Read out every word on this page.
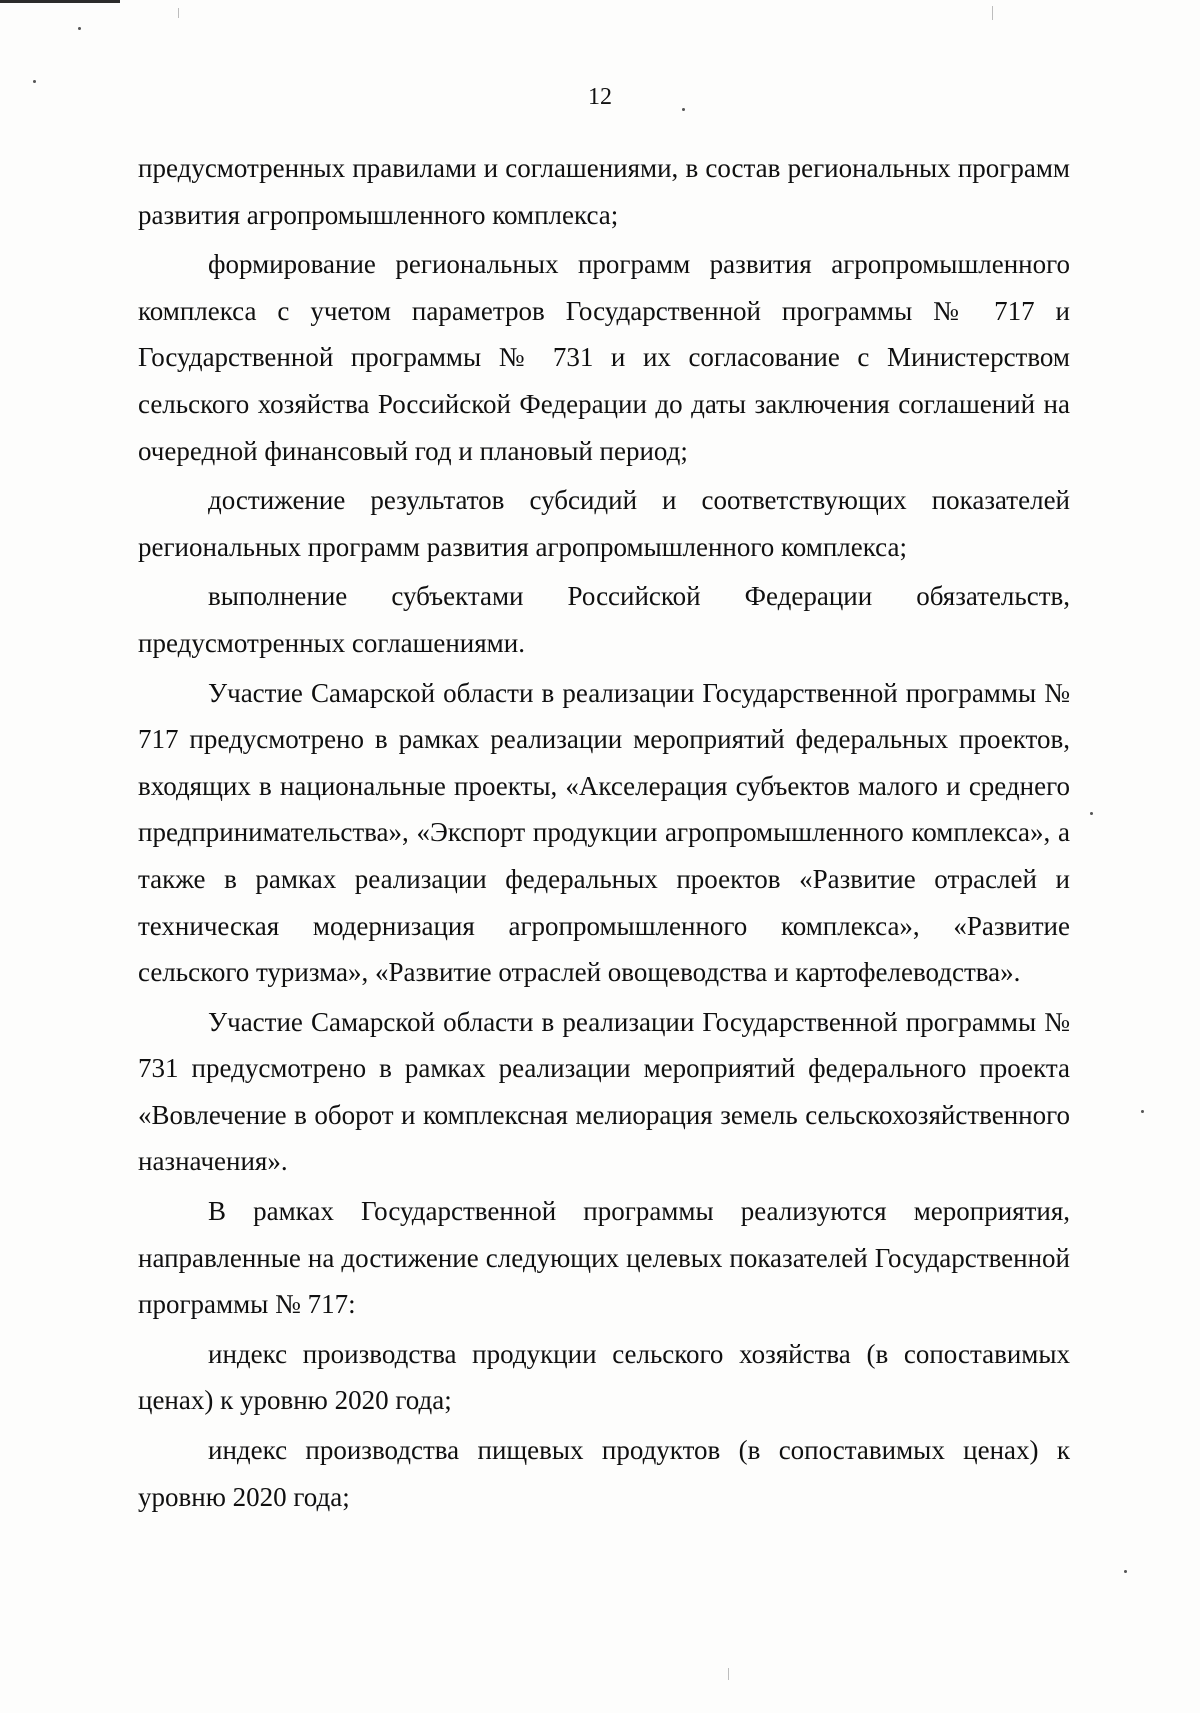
12

предусмотренных правилами и соглашениями, в состав региональных программ развития агропромышленного комплекса;

формирование региональных программ развития агропромышленного комплекса с учетом параметров Государственной программы № 717 и Государственной программы № 731 и их согласование с Министерством сельского хозяйства Российской Федерации до даты заключения соглашений на очередной финансовый год и плановый период;

достижение результатов субсидий и соответствующих показателей региональных программ развития агропромышленного комплекса;

выполнение субъектами Российской Федерации обязательств, предусмотренных соглашениями.

Участие Самарской области в реализации Государственной программы № 717 предусмотрено в рамках реализации мероприятий федеральных проектов, входящих в национальные проекты, «Акселерация субъектов малого и среднего предпринимательства», «Экспорт продукции агропромышленного комплекса», а также в рамках реализации федеральных проектов «Развитие отраслей и техническая модернизация агропромышленного комплекса», «Развитие сельского туризма», «Развитие отраслей овощеводства и картофелеводства».

Участие Самарской области в реализации Государственной программы № 731 предусмотрено в рамках реализации мероприятий федерального проекта «Вовлечение в оборот и комплексная мелиорация земель сельскохозяйственного назначения».

В рамках Государственной программы реализуются мероприятия, направленные на достижение следующих целевых показателей Государственной программы № 717:

индекс производства продукции сельского хозяйства (в сопоставимых ценах) к уровню 2020 года;

индекс производства пищевых продуктов (в сопоставимых ценах) к уровню 2020 года;
